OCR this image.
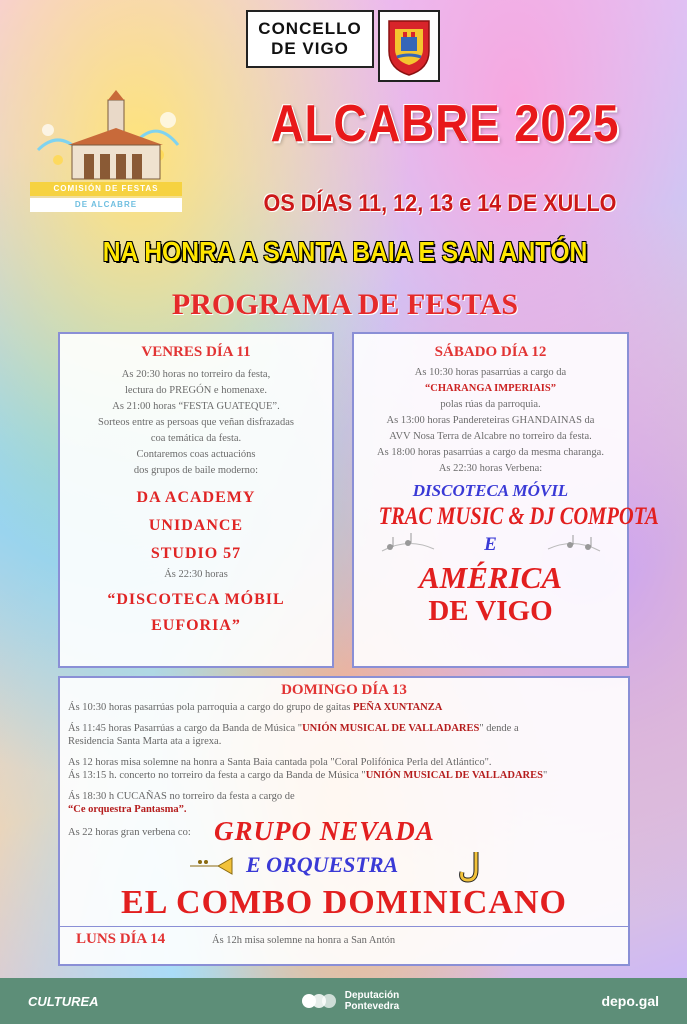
CONCELLO
DE VIGO
COMISIÓN DE FESTAS
DE ALCABRE
ALCABRE 2025
OS DÍAS 11, 12, 13 e 14 DE XULLO
NA HONRA A SANTA BAIA E SAN ANTÓN
PROGRAMA DE FESTAS
VENRES DÍA 11
As 20:30 horas no torreiro da festa,
lectura do PREGÓN e homenaxe.
As 21:00 horas “FESTA GUATEQUE”.
Sorteos entre as persoas que veñan disfrazadas
coa temática da festa.
Contaremos coas actuacións
dos grupos de baile moderno:
DA ACADEMY
UNIDANCE
STUDIO 57
Ás 22:30 horas
“DISCOTECA MÓBIL
EUFORIA”
SÁBADO DÍA 12
As 10:30 horas pasarrúas a cargo da
“CHARANGA IMPERIAIS”
polas rúas da parroquia.
As 13:00 horas Pandereteiras GHANDAINAS da
AVV Nosa Terra de Alcabre no torreiro da festa.
As 18:00 horas pasarrúas a cargo da mesma charanga.
As 22:30 horas Verbena:
DISCOTECA MÓVIL
TRAC MUSIC & DJ COMPOTA
E
AMÉRICA
DE VIGO
DOMINGO DÍA 13
Ás 10:30 horas pasarrúas pola parroquia a cargo do grupo de gaitas PEÑA XUNTANZA
Ás 11:45 horas Pasarrúas a cargo da Banda de Música "UNIÓN MUSICAL DE VALLADARES" dende a
Residencia Santa Marta ata a igrexa.
As 12 horas misa solemne na honra a Santa Baia cantada pola "Coral Polifónica Perla del Atlántico".
Ás 13:15 h. concerto no torreiro da festa a cargo da Banda de Música "UNIÓN MUSICAL DE VALLADARES"
Ás 18:30 h CUCAÑAS no torreiro da festa a cargo de
“Ce orquestra Pantasma”.
As 22 horas gran verbena co: GRUPO NEVADA
E ORQUESTRA
EL COMBO DOMINICANO
LUNS DÍA 14	Ás 12h misa solemne na honra a San Antón
CULTUREA	Deputación
Pontevedra	depo.gal
